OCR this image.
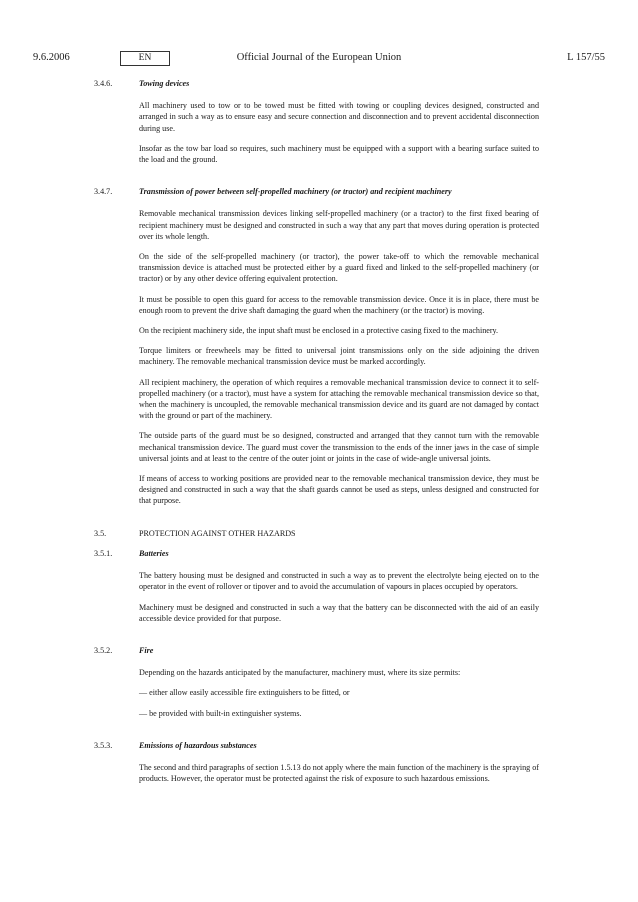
9.6.2006	EN	Official Journal of the European Union	L 157/55
3.4.6.	Towing devices

All machinery used to tow or to be towed must be fitted with towing or coupling devices designed, constructed and arranged in such a way as to ensure easy and secure connection and disconnection and to prevent accidental disconnection during use.

Insofar as the tow bar load so requires, such machinery must be equipped with a support with a bearing surface suited to the load and the ground.

3.4.7.	Transmission of power between self-propelled machinery (or tractor) and recipient machinery

Removable mechanical transmission devices linking self-propelled machinery (or a tractor) to the first fixed bearing of recipient machinery must be designed and constructed in such a way that any part that moves during operation is protected over its whole length.

On the side of the self-propelled machinery (or tractor), the power take-off to which the removable mechanical transmission device is attached must be protected either by a guard fixed and linked to the self-propelled machinery (or tractor) or by any other device offering equivalent protection.

It must be possible to open this guard for access to the removable transmission device. Once it is in place, there must be enough room to prevent the drive shaft damaging the guard when the machinery (or the tractor) is moving.

On the recipient machinery side, the input shaft must be enclosed in a protective casing fixed to the machinery.

Torque limiters or freewheels may be fitted to universal joint transmissions only on the side adjoining the driven machinery. The removable mechanical transmission device must be marked accordingly.

All recipient machinery, the operation of which requires a removable mechanical transmission device to connect it to self-propelled machinery (or a tractor), must have a system for attaching the removable mechanical transmission device so that, when the machinery is uncoupled, the removable mechanical transmission device and its guard are not damaged by contact with the ground or part of the machinery.

The outside parts of the guard must be so designed, constructed and arranged that they cannot turn with the removable mechanical transmission device. The guard must cover the transmission to the ends of the inner jaws in the case of simple universal joints and at least to the centre of the outer joint or joints in the case of wide-angle universal joints.

If means of access to working positions are provided near to the removable mechanical transmission device, they must be designed and constructed in such a way that the shaft guards cannot be used as steps, unless designed and constructed for that purpose.

3.5.	PROTECTION AGAINST OTHER HAZARDS
3.5.1.	Batteries

The battery housing must be designed and constructed in such a way as to prevent the electrolyte being ejected on to the operator in the event of rollover or tipover and to avoid the accumulation of vapours in places occupied by operators.

Machinery must be designed and constructed in such a way that the battery can be disconnected with the aid of an easily accessible device provided for that purpose.

3.5.2.	Fire

Depending on the hazards anticipated by the manufacturer, machinery must, where its size permits:

— either allow easily accessible fire extinguishers to be fitted, or

— be provided with built-in extinguisher systems.

3.5.3.	Emissions of hazardous substances

The second and third paragraphs of section 1.5.13 do not apply where the main function of the machinery is the spraying of products. However, the operator must be protected against the risk of exposure to such hazardous emissions.
